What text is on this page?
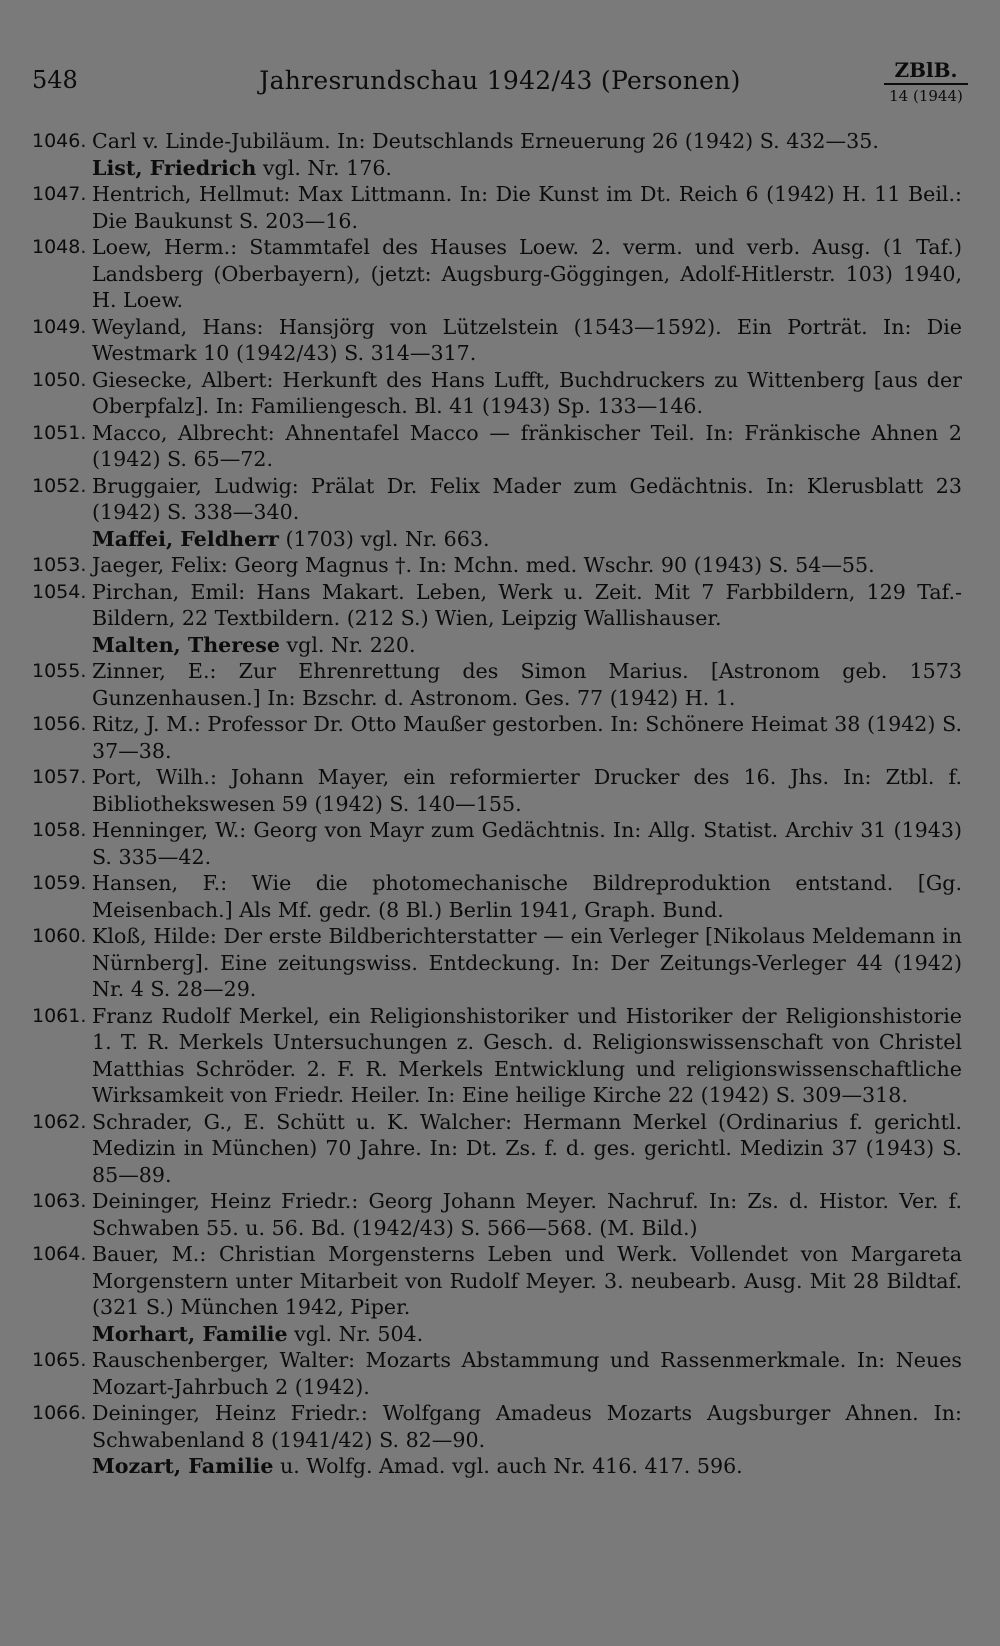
548	Jahresrundschau 1942/43 (Personen)	ZBlB.
14 (1944)
1046. Carl v. Linde-Jubiläum. In: Deutschlands Erneuerung 26 (1942) S. 432—35.
List, Friedrich vgl. Nr. 176.
1047. Hentrich, Hellmut: Max Littmann. In: Die Kunst im Dt. Reich 6 (1942) H. 11 Beil.: Die Baukunst S. 203—16.
1048. Loew, Herm.: Stammtafel des Hauses Loew. 2. verm. und verb. Ausg. (1 Taf.) Landsberg (Oberbayern), (jetzt: Augsburg-Göggingen, Adolf-Hitlerstr. 103) 1940, H. Loew.
1049. Weyland, Hans: Hansjörg von Lützelstein (1543—1592). Ein Porträt. In: Die Westmark 10 (1942/43) S. 314—317.
1050. Giesecke, Albert: Herkunft des Hans Lufft, Buchdruckers zu Wittenberg [aus der Oberpfalz]. In: Familiengesch. Bl. 41 (1943) Sp. 133—146.
1051. Macco, Albrecht: Ahnentafel Macco — fränkischer Teil. In: Fränkische Ahnen 2 (1942) S. 65—72.
1052. Bruggaier, Ludwig: Prälat Dr. Felix Mader zum Gedächtnis. In: Klerusblatt 23 (1942) S. 338—340.
Maffei, Feldherr (1703) vgl. Nr. 663.
1053. Jaeger, Felix: Georg Magnus †. In: Mchn. med. Wschr. 90 (1943) S. 54—55.
1054. Pirchan, Emil: Hans Makart. Leben, Werk u. Zeit. Mit 7 Farbbildern, 129 Taf.-Bildern, 22 Textbildern. (212 S.) Wien, Leipzig Wallishauser.
Malten, Therese vgl. Nr. 220.
1055. Zinner, E.: Zur Ehrenrettung des Simon Marius. [Astronom geb. 1573 Gunzenhausen.] In: Bzschr. d. Astronom. Ges. 77 (1942) H. 1.
1056. Ritz, J. M.: Professor Dr. Otto Maußer gestorben. In: Schönere Heimat 38 (1942) S. 37—38.
1057. Port, Wilh.: Johann Mayer, ein reformierter Drucker des 16. Jhs. In: Ztbl. f. Bibliothekswesen 59 (1942) S. 140—155.
1058. Henninger, W.: Georg von Mayr zum Gedächtnis. In: Allg. Statist. Archiv 31 (1943) S. 335—42.
1059. Hansen, F.: Wie die photomechanische Bildreproduktion entstand. [Gg. Meisenbach.] Als Mf. gedr. (8 Bl.) Berlin 1941, Graph. Bund.
1060. Kloß, Hilde: Der erste Bildberichterstatter — ein Verleger [Nikolaus Meldemann in Nürnberg]. Eine zeitungswiss. Entdeckung. In: Der Zeitungs-Verleger 44 (1942) Nr. 4 S. 28—29.
1061. Franz Rudolf Merkel, ein Religionshistoriker und Historiker der Religionshistorie 1. T. R. Merkels Untersuchungen z. Gesch. d. Religionswissenschaft von Christel Matthias Schröder. 2. F. R. Merkels Entwicklung und religionswissenschaftliche Wirksamkeit von Friedr. Heiler. In: Eine heilige Kirche 22 (1942) S. 309—318.
1062. Schrader, G., E. Schütt u. K. Walcher: Hermann Merkel (Ordinarius f. gerichtl. Medizin in München) 70 Jahre. In: Dt. Zs. f. d. ges. gerichtl. Medizin 37 (1943) S. 85—89.
1063. Deininger, Heinz Friedr.: Georg Johann Meyer. Nachruf. In: Zs. d. Histor. Ver. f. Schwaben 55. u. 56. Bd. (1942/43) S. 566—568. (M. Bild.)
1064. Bauer, M.: Christian Morgensterns Leben und Werk. Vollendet von Margareta Morgenstern unter Mitarbeit von Rudolf Meyer. 3. neubearb. Ausg. Mit 28 Bildtaf. (321 S.) München 1942, Piper.
Morhart, Familie vgl. Nr. 504.
1065. Rauschenberger, Walter: Mozarts Abstammung und Rassenmerkmale. In: Neues Mozart-Jahrbuch 2 (1942).
1066. Deininger, Heinz Friedr.: Wolfgang Amadeus Mozarts Augsburger Ahnen. In: Schwabenland 8 (1941/42) S. 82—90.
Mozart, Familie u. Wolfg. Amad. vgl. auch Nr. 416. 417. 596.
